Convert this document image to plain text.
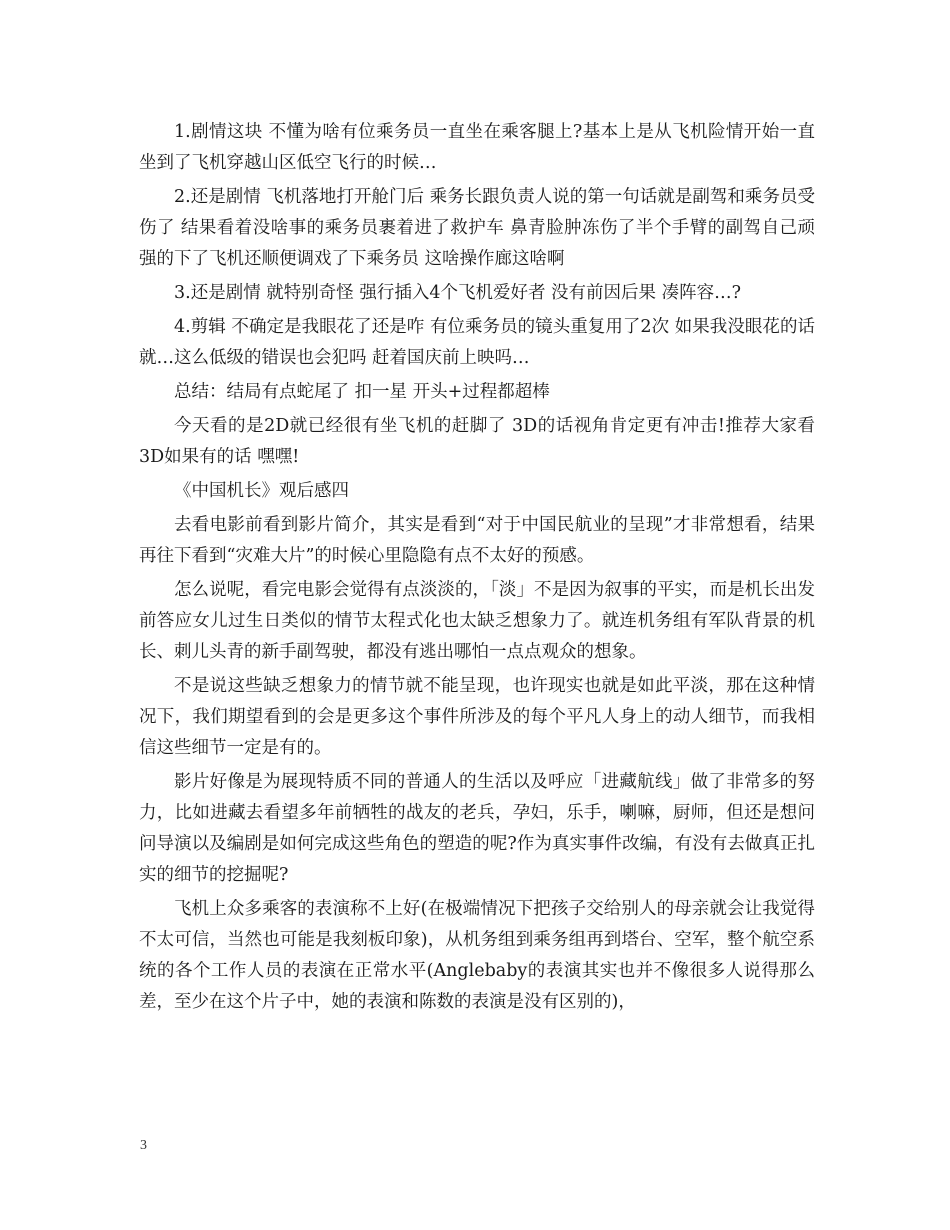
1.剧情这块 不懂为啥有位乘务员一直坐在乘客腿上?基本上是从飞机险情开始一直坐到了飞机穿越山区低空飞行的时候…

2.还是剧情 飞机落地打开舱门后 乘务长跟负责人说的第一句话就是副驾和乘务员受伤了 结果看着没啥事的乘务员裹着进了救护车 鼻青脸肿冻伤了半个手臂的副驾自己顽强的下了飞机还顺便调戏了下乘务员 这啥操作廊这啥啊

3.还是剧情 就特别奇怪 强行插入4个飞机爱好者 没有前因后果 凑阵容…?

4.剪辑 不确定是我眼花了还是咋 有位乘务员的镜头重复用了2次 如果我没眼花的话 就…这么低级的错误也会犯吗 赶着国庆前上映吗…

总结：结局有点蛇尾了 扣一星 开头+过程都超棒

今天看的是2D就已经很有坐飞机的赶脚了 3D的话视角肯定更有冲击!推荐大家看3D如果有的话 嘿嘿!

《中国机长》观后感四

去看电影前看到影片简介，其实是看到“对于中国民航业的呈现”才非常想看，结果再往下看到“灾难大片”的时候心里隐隐有点不太好的预感。

怎么说呢，看完电影会觉得有点淡淡的，「淡」不是因为叙事的平实，而是机长出发前答应女儿过生日类似的情节太程式化也太缺乏想象力了。就连机务组有军队背景的机长、刺儿头青的新手副驾驶，都没有逃出哪怕一点点观众的想象。

不是说这些缺乏想象力的情节就不能呈现，也许现实也就是如此平淡，那在这种情况下，我们期望看到的会是更多这个事件所涉及的每个平凡人身上的动人细节，而我相信这些细节一定是有的。

影片好像是为展现特质不同的普通人的生活以及呼应「进藏航线」做了非常多的努力，比如进藏去看望多年前牺牲的战友的老兵，孕妇，乐手，喇嘛，厨师，但还是想问问导演以及编剧是如何完成这些角色的塑造的呢?作为真实事件改编，有没有去做真正扎实的细节的挖掘呢?

飞机上众多乘客的表演称不上好(在极端情况下把孩子交给别人的母亲就会让我觉得不太可信，当然也可能是我刻板印象)，从机务组到乘务组再到塔台、空军，整个航空系统的各个工作人员的表演在正常水平(Anglebaby的表演其实也并不像很多人说得那么差，至少在这个片子中，她的表演和陈数的表演是没有区别的)，

3
